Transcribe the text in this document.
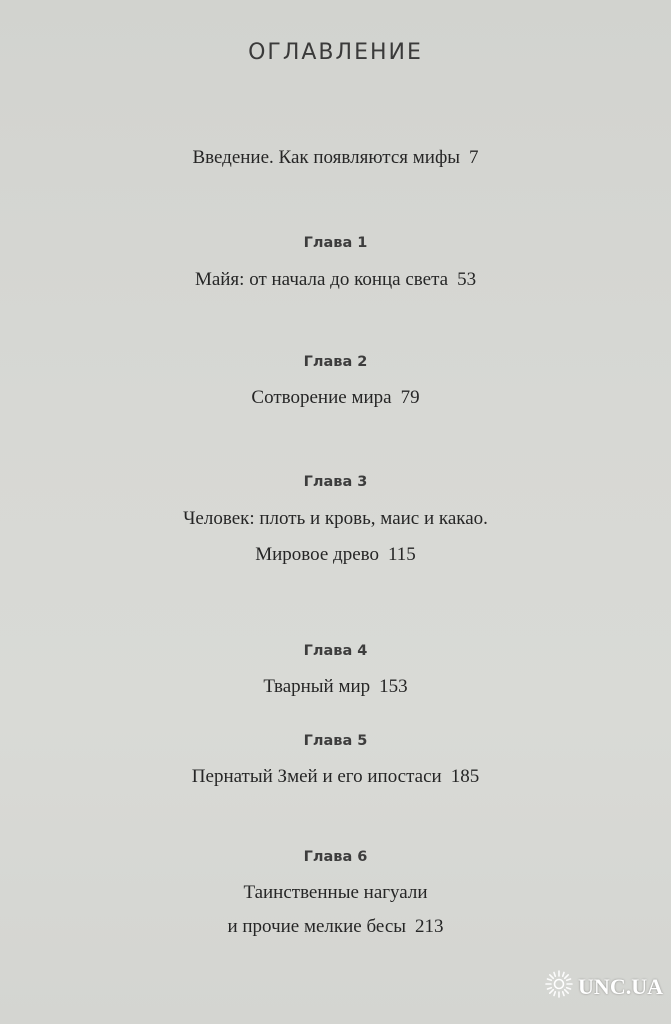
ОГЛАВЛЕНИЕ
Введение. Как появляются мифы 7
Глава 1
Майя: от начала до конца света 53
Глава 2
Сотворение мира 79
Глава 3
Человек: плоть и кровь, маис и какао.
Мировое древо 115
Глава 4
Тварный мир 153
Глава 5
Пернатый Змей и его ипостаси 185
Глава 6
Таинственные нагуали
и прочие мелкие бесы 213
UNC.UA
